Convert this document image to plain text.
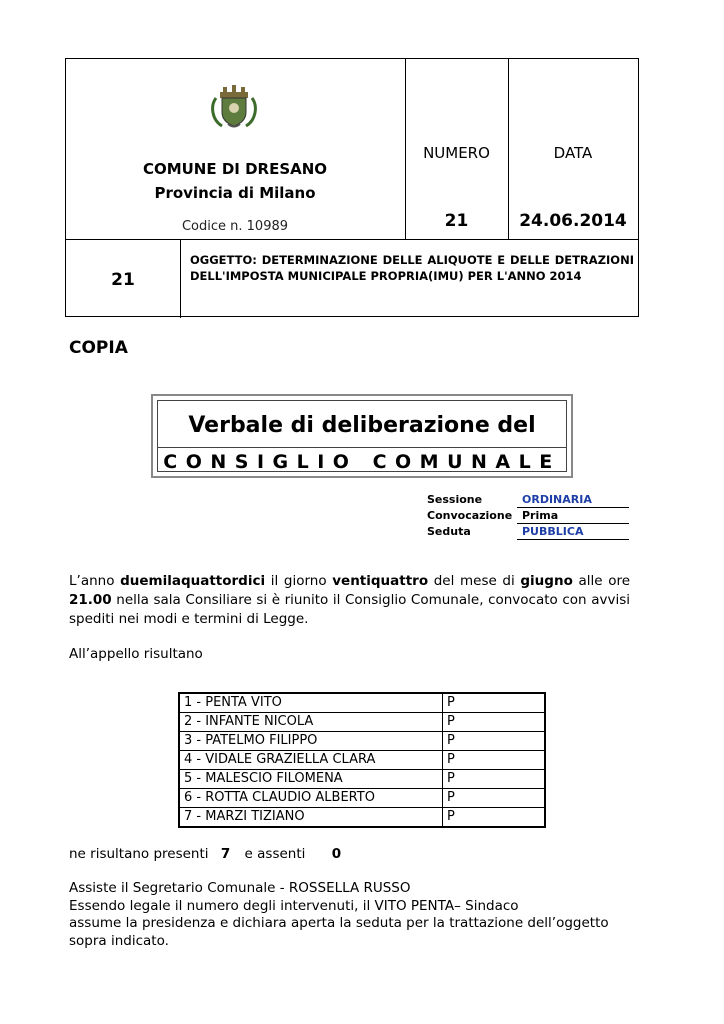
COMUNE DI DRESANO
Provincia di Milano
Codice n. 10989
NUMERO	DATA
21	24.06.2014
21
OGGETTO: DETERMINAZIONE DELLE ALIQUOTE E DELLE DETRAZIONI DELL'IMPOSTA MUNICIPALE PROPRIA(IMU) PER L'ANNO 2014
COPIA
Verbale di deliberazione del
CONSIGLIO COMUNALE
Sessione	ORDINARIA
Convocazione Prima
Seduta	PUBBLICA
L’anno duemilaquattordici il giorno ventiquattro del mese di giugno alle ore 21.00 nella sala Consiliare si è riunito il Consiglio Comunale, convocato con avvisi spediti nei modi e termini di Legge.
All’appello risultano
1 - PENTA VITO	P
2 - INFANTE NICOLA	P
3 - PATELMO FILIPPO	P
4 - VIDALE GRAZIELLA CLARA	P
5 - MALESCIO FILOMENA	P
6 - ROTTA CLAUDIO ALBERTO	P
7 - MARZI TIZIANO	P
ne risultano presenti 7 e assenti 0
Assiste il Segretario Comunale - ROSSELLA RUSSO
Essendo legale il numero degli intervenuti, il VITO PENTA– Sindaco
assume la presidenza e dichiara aperta la seduta per la trattazione dell’oggetto
sopra indicato.
